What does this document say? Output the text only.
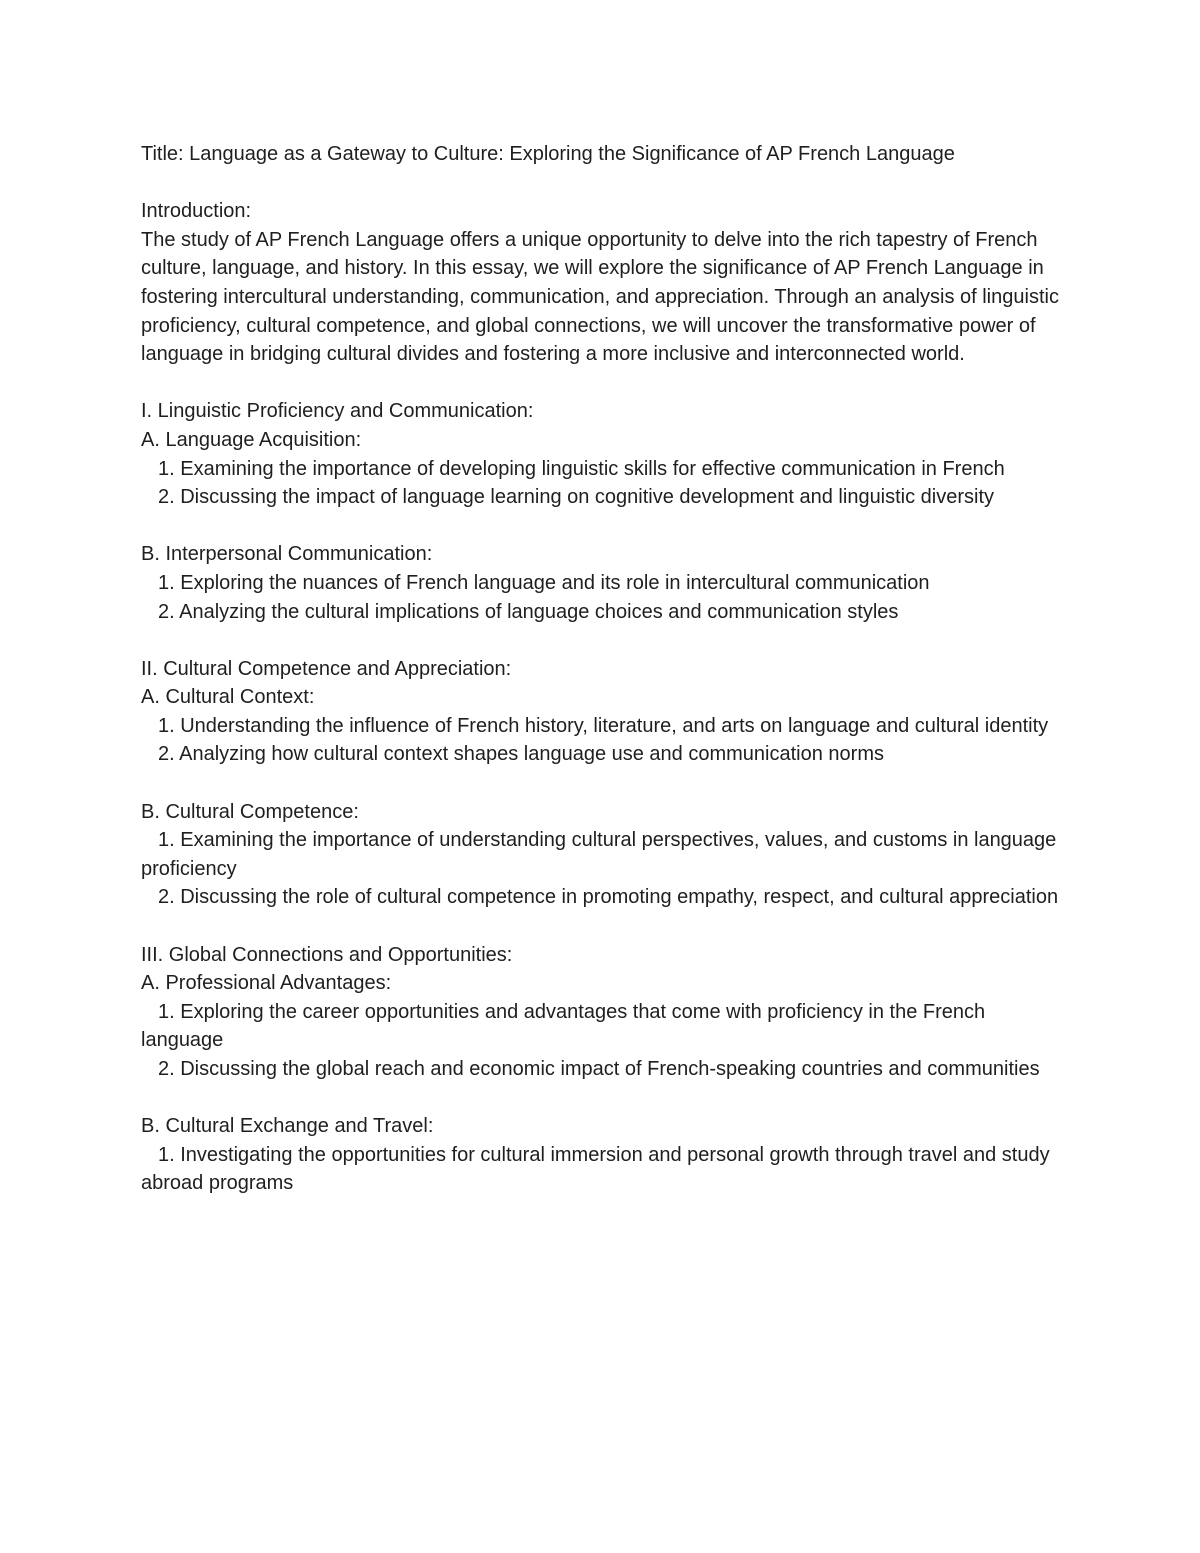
Title: Language as a Gateway to Culture: Exploring the Significance of AP French Language
Introduction:
The study of AP French Language offers a unique opportunity to delve into the rich tapestry of French culture, language, and history. In this essay, we will explore the significance of AP French Language in fostering intercultural understanding, communication, and appreciation. Through an analysis of linguistic proficiency, cultural competence, and global connections, we will uncover the transformative power of language in bridging cultural divides and fostering a more inclusive and interconnected world.
I. Linguistic Proficiency and Communication:
A. Language Acquisition:
1. Examining the importance of developing linguistic skills for effective communication in French
2. Discussing the impact of language learning on cognitive development and linguistic diversity
B. Interpersonal Communication:
1. Exploring the nuances of French language and its role in intercultural communication
2. Analyzing the cultural implications of language choices and communication styles
II. Cultural Competence and Appreciation:
A. Cultural Context:
1. Understanding the influence of French history, literature, and arts on language and cultural identity
2. Analyzing how cultural context shapes language use and communication norms
B. Cultural Competence:
1. Examining the importance of understanding cultural perspectives, values, and customs in language proficiency
2. Discussing the role of cultural competence in promoting empathy, respect, and cultural appreciation
III. Global Connections and Opportunities:
A. Professional Advantages:
1. Exploring the career opportunities and advantages that come with proficiency in the French language
2. Discussing the global reach and economic impact of French-speaking countries and communities
B. Cultural Exchange and Travel:
1. Investigating the opportunities for cultural immersion and personal growth through travel and study abroad programs
